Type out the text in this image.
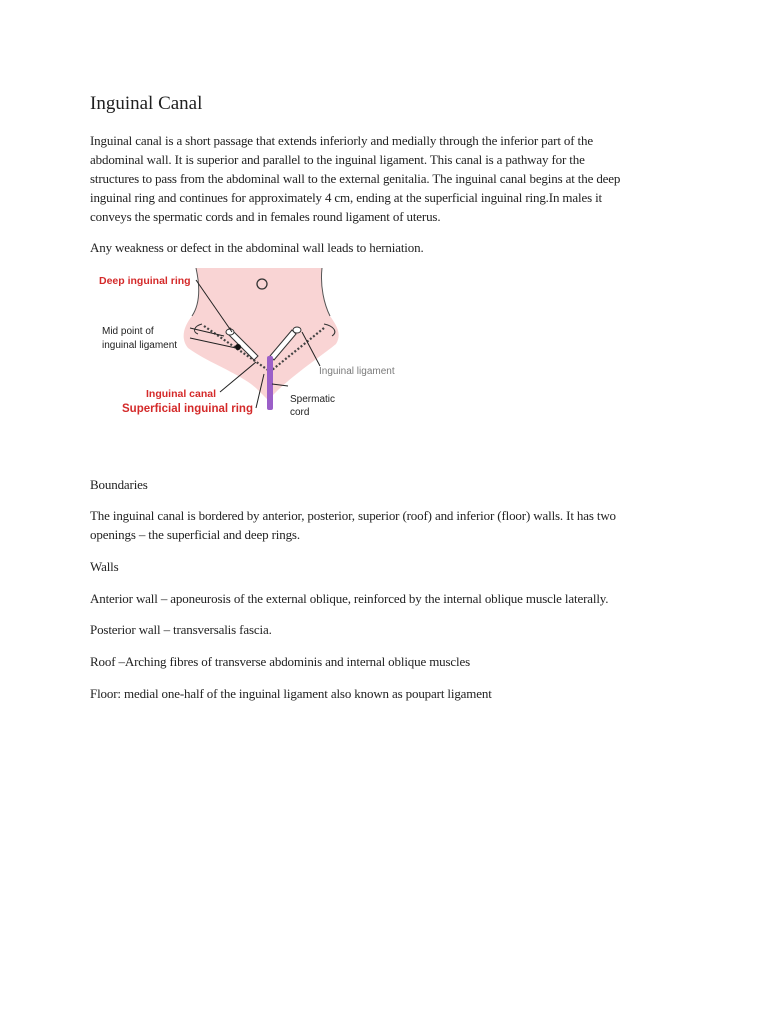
Inguinal Canal

Inguinal canal is a short passage that extends inferiorly and medially through the inferior part of the
abdominal wall. It is superior and parallel to the inguinal ligament. This canal is a pathway for the
structures to pass from the abdominal wall to the external genitalia. The inguinal canal begins at the deep
inguinal ring and continues for approximately 4 cm, ending at the superficial inguinal ring.In males it
conveys the spermatic cords and in females round ligament of uterus.

Any weakness or defect in the abdominal wall leads to herniation.

Deep inguinal ring
Mid point of
inguinal ligament
Inguinal canal
Superficial inguinal ring
Inguinal ligament
Spermatic
cord

Boundaries

The inguinal canal is bordered by anterior, posterior, superior (roof) and inferior (floor) walls. It has two
openings – the superficial and deep rings.

Walls

Anterior wall – aponeurosis of the external oblique, reinforced by the internal oblique muscle laterally.

Posterior wall – transversalis fascia.

Roof –Arching fibres of transverse abdominis and internal oblique muscles

Floor: medial one-half of the inguinal ligament also known as poupart ligament
